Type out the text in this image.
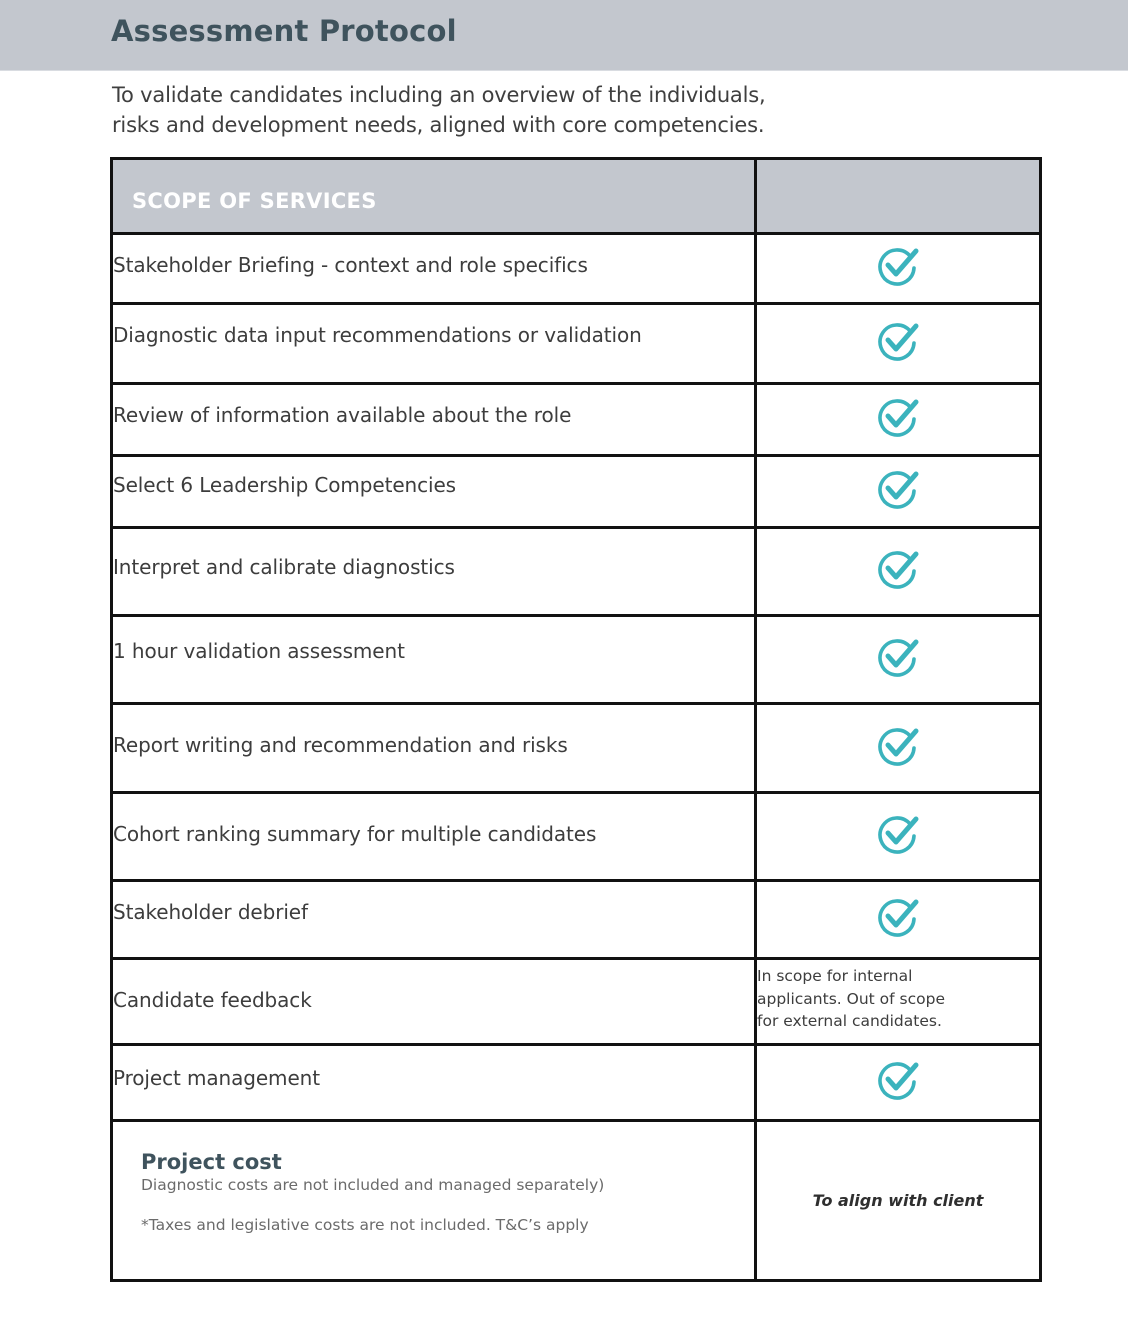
Assessment Protocol
To validate candidates including an overview of the individuals,
risks and development needs, aligned with core competencies.
SCOPE OF SERVICES	

Stakeholder Briefing - context and role specifics

Diagnostic data input recommendations or validation

Review of information available about the role

Select 6 Leadership Competencies

Interpret and calibrate diagnostics

1 hour validation assessment

Report writing and recommendation and risks

Cohort ranking summary for multiple candidates

Stakeholder debrief

Candidate feedback	In scope for internal
applicants. Out of scope
for external candidates.

Project management

Project cost
Diagnostic costs are not included and managed separately)
*Taxes and legislative costs are not included. T&C’s apply	To align with client
